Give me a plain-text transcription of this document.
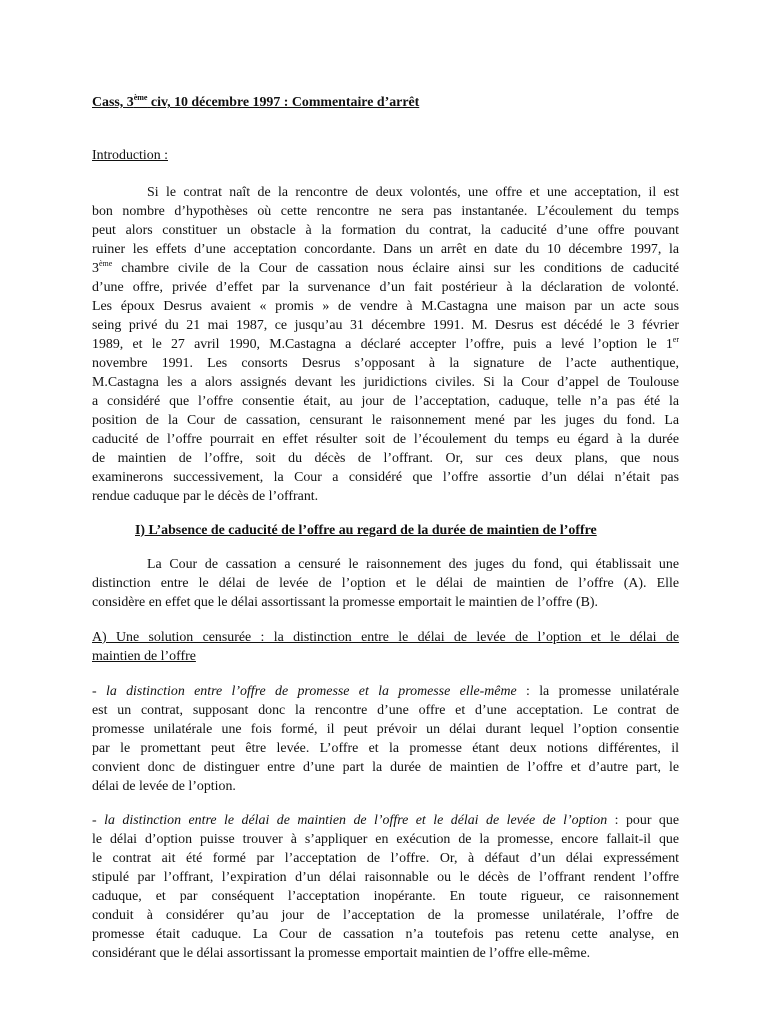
Cass, 3ème civ, 10 décembre 1997 : Commentaire d’arrêt
Introduction :
Si le contrat naît de la rencontre de deux volontés, une offre et une acceptation, il est
bon nombre d’hypothèses où cette rencontre ne sera pas instantanée. L’écoulement du temps
peut alors constituer un obstacle à la formation du contrat, la caducité d’une offre pouvant
ruiner les effets d’une acceptation concordante. Dans un arrêt en date du 10 décembre 1997, la
3ème chambre civile de la Cour de cassation nous éclaire ainsi sur les conditions de caducité
d’une offre, privée d’effet par la survenance d’un fait postérieur à la déclaration de volonté.
Les époux Desrus avaient « promis » de vendre à M.Castagna une maison par un acte sous
seing privé du 21 mai 1987, ce jusqu’au 31 décembre 1991. M. Desrus est décédé le 3 février
1989, et le 27 avril 1990, M.Castagna a déclaré accepter l’offre, puis a levé l’option le 1er
novembre 1991. Les consorts Desrus s’opposant à la signature de l’acte authentique,
M.Castagna les a alors assignés devant les juridictions civiles. Si la Cour d’appel de Toulouse
a considéré que l’offre consentie était, au jour de l’acceptation, caduque, telle n’a pas été la
position de la Cour de cassation, censurant le raisonnement mené par les juges du fond. La
caducité de l’offre pourrait en effet résulter soit de l’écoulement du temps eu égard à la durée
de maintien de l’offre, soit du décès de l’offrant. Or, sur ces deux plans, que nous
examinerons successivement, la Cour a considéré que l’offre assortie d’un délai n’était pas
rendue caduque par le décès de l’offrant.
I) L’absence de caducité de l’offre au regard de la durée de maintien de l’offre
La Cour de cassation a censuré le raisonnement des juges du fond, qui établissait une
distinction entre le délai de levée de l’option et le délai de maintien de l’offre (A). Elle
considère en effet que le délai assortissant la promesse emportait le maintien de l’offre (B).
A) Une solution censurée : la distinction entre le délai de levée de l’option et le délai de
maintien de l’offre
- la distinction entre l’offre de promesse et la promesse elle-même : la promesse unilatérale
est un contrat, supposant donc la rencontre d’une offre et d’une acceptation. Le contrat de
promesse unilatérale une fois formé, il peut prévoir un délai durant lequel l’option consentie
par le promettant peut être levée. L’offre et la promesse étant deux notions différentes, il
convient donc de distinguer entre d’une part la durée de maintien de l’offre et d’autre part, le
délai de levée de l’option.
- la distinction entre le délai de maintien de l’offre et le délai de levée de l’option : pour que
le délai d’option puisse trouver à s’appliquer en exécution de la promesse, encore fallait-il que
le contrat ait été formé par l’acceptation de l’offre. Or, à défaut d’un délai expressément
stipulé par l’offrant, l’expiration d’un délai raisonnable ou le décès de l’offrant rendent l’offre
caduque, et par conséquent l’acceptation inopérante. En toute rigueur, ce raisonnement
conduit à considérer qu’au jour de l’acceptation de la promesse unilatérale, l’offre de
promesse était caduque. La Cour de cassation n’a toutefois pas retenu cette analyse, en
considérant que le délai assortissant la promesse emportait maintien de l’offre elle-même.
